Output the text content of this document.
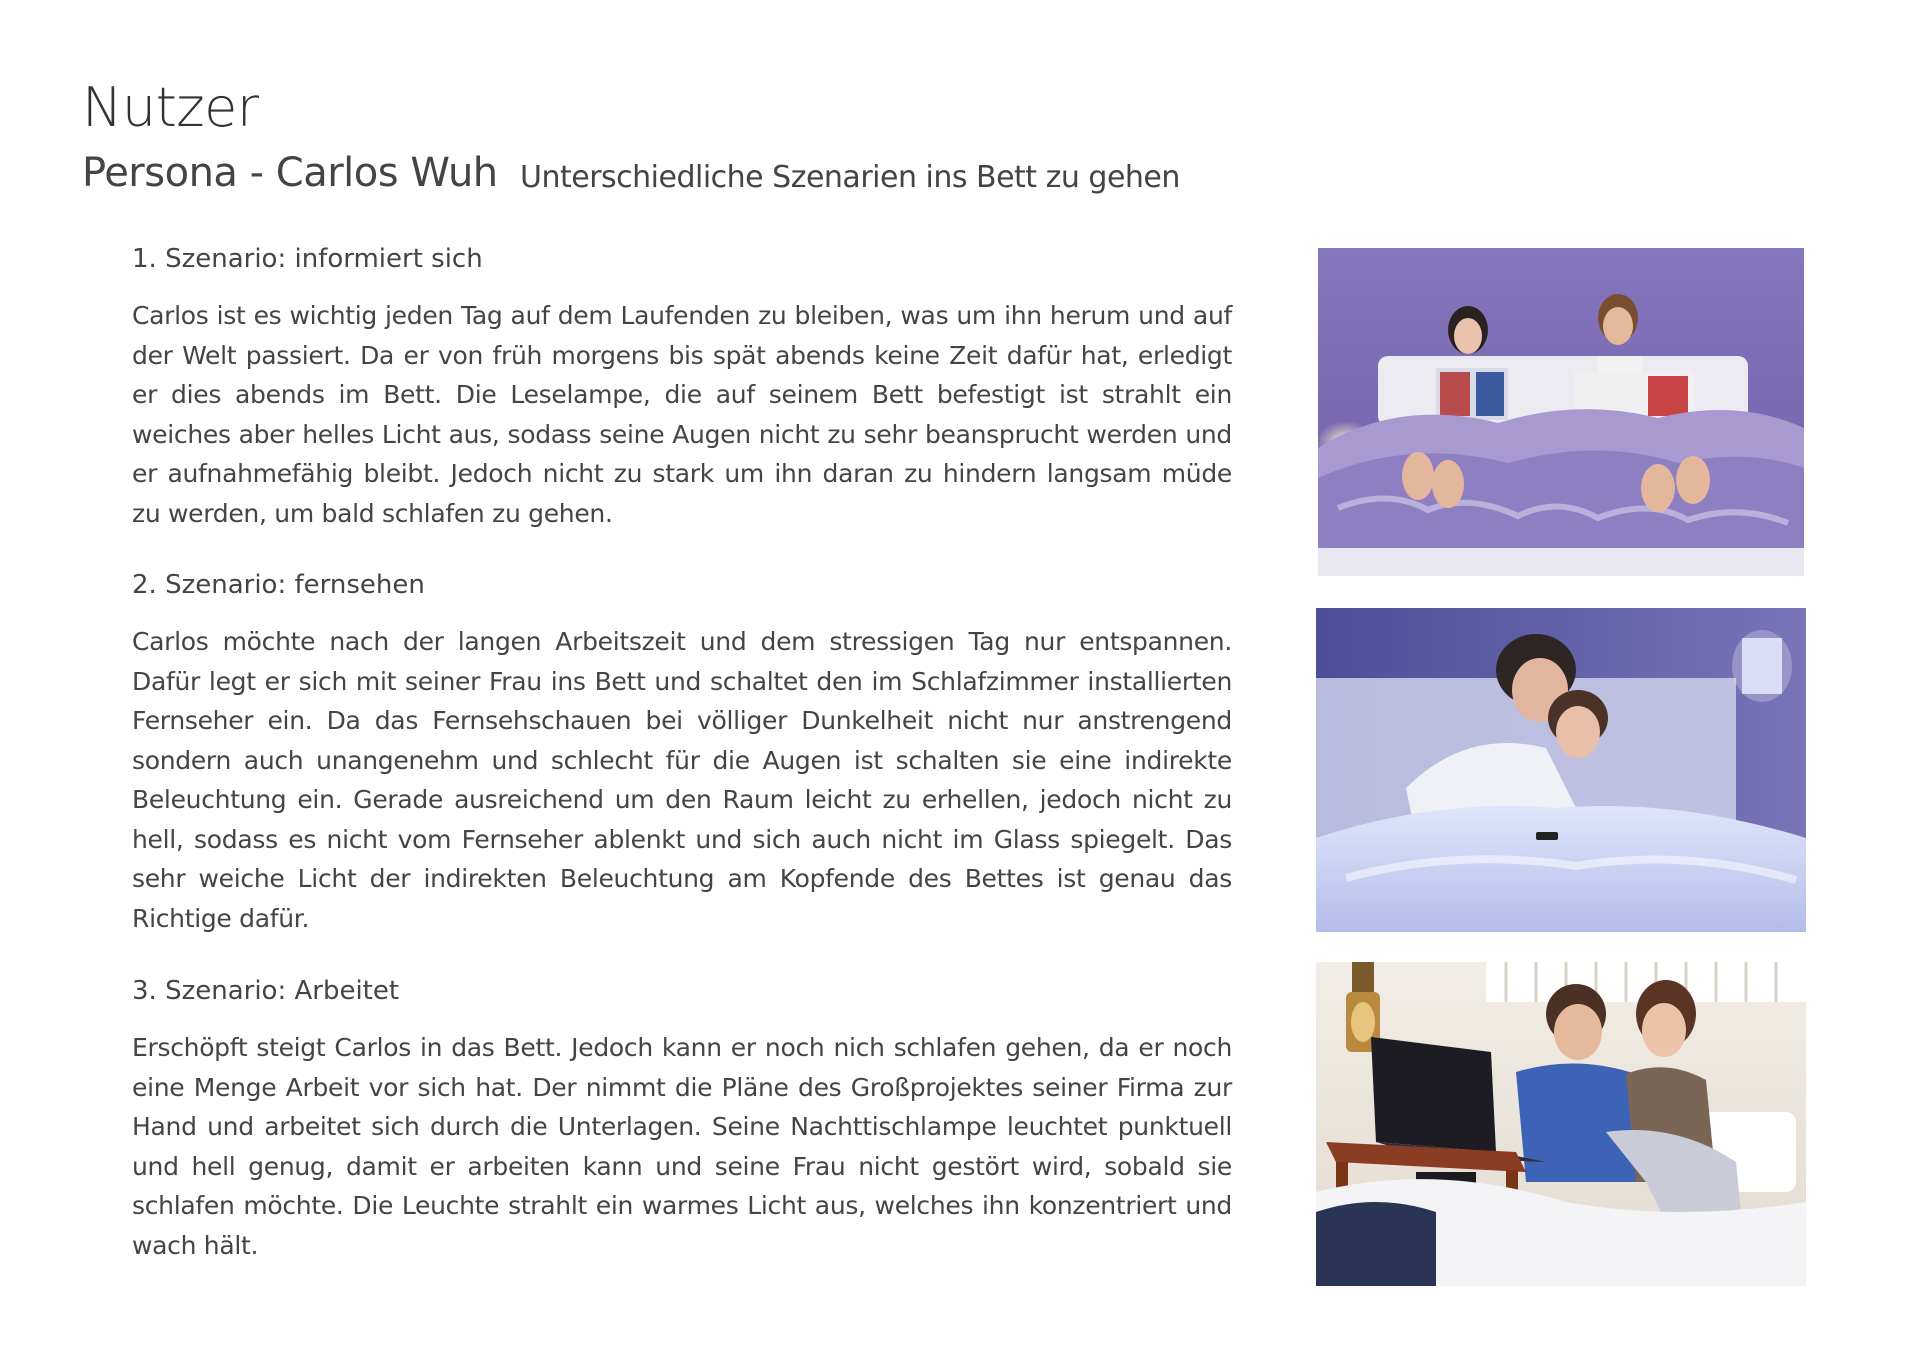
Nutzer
Persona - Carlos Wuh Unterschiedliche Szenarien ins Bett zu gehen
1. Szenario: informiert sich

Carlos ist es wichtig jeden Tag auf dem Laufenden zu bleiben, was um ihn herum und auf der Welt passiert. Da er von früh morgens bis spät abends keine Zeit dafür hat, erledigt er dies abends im Bett. Die Leselampe, die auf seinem Bett befestigt ist strahlt ein weiches aber helles Licht aus, sodass seine Augen nicht zu sehr beansprucht werden und er aufnahmefähig bleibt. Jedoch nicht zu stark um ihn daran zu hindern langsam müde zu werden, um bald schlafen zu gehen.

2. Szenario: fernsehen

Carlos möchte nach der langen Arbeitszeit und dem stressigen Tag nur entspannen. Dafür legt er sich mit seiner Frau ins Bett und schaltet den im Schlafzimmer installierten Fernseher ein. Da das Fernsehschauen bei völliger Dunkelheit nicht nur anstrengend sondern auch unangenehm und schlecht für die Augen ist schalten sie eine indirekte Beleuchtung ein. Gerade ausreichend um den Raum leicht zu erhellen, jedoch nicht zu hell, sodass es nicht vom Fernseher ablenkt und sich auch nicht im Glass spiegelt. Das sehr weiche Licht der indirekten Beleuchtung am Kopfende des Bettes ist genau das Richtige dafür.

3. Szenario: Arbeitet

Erschöpft steigt Carlos in das Bett. Jedoch kann er noch nich schlafen gehen, da er noch eine Menge Arbeit vor sich hat. Der nimmt die Pläne des Großprojektes seiner Firma zur Hand und arbeitet sich durch die Unterlagen. Seine Nachttischlampe leuchtet punktuell und hell genug, damit er arbeiten kann und seine Frau nicht gestört wird, sobald sie schlafen möchte. Die Leuchte strahlt ein warmes Licht aus, welches ihn konzentriert und wach hält.
